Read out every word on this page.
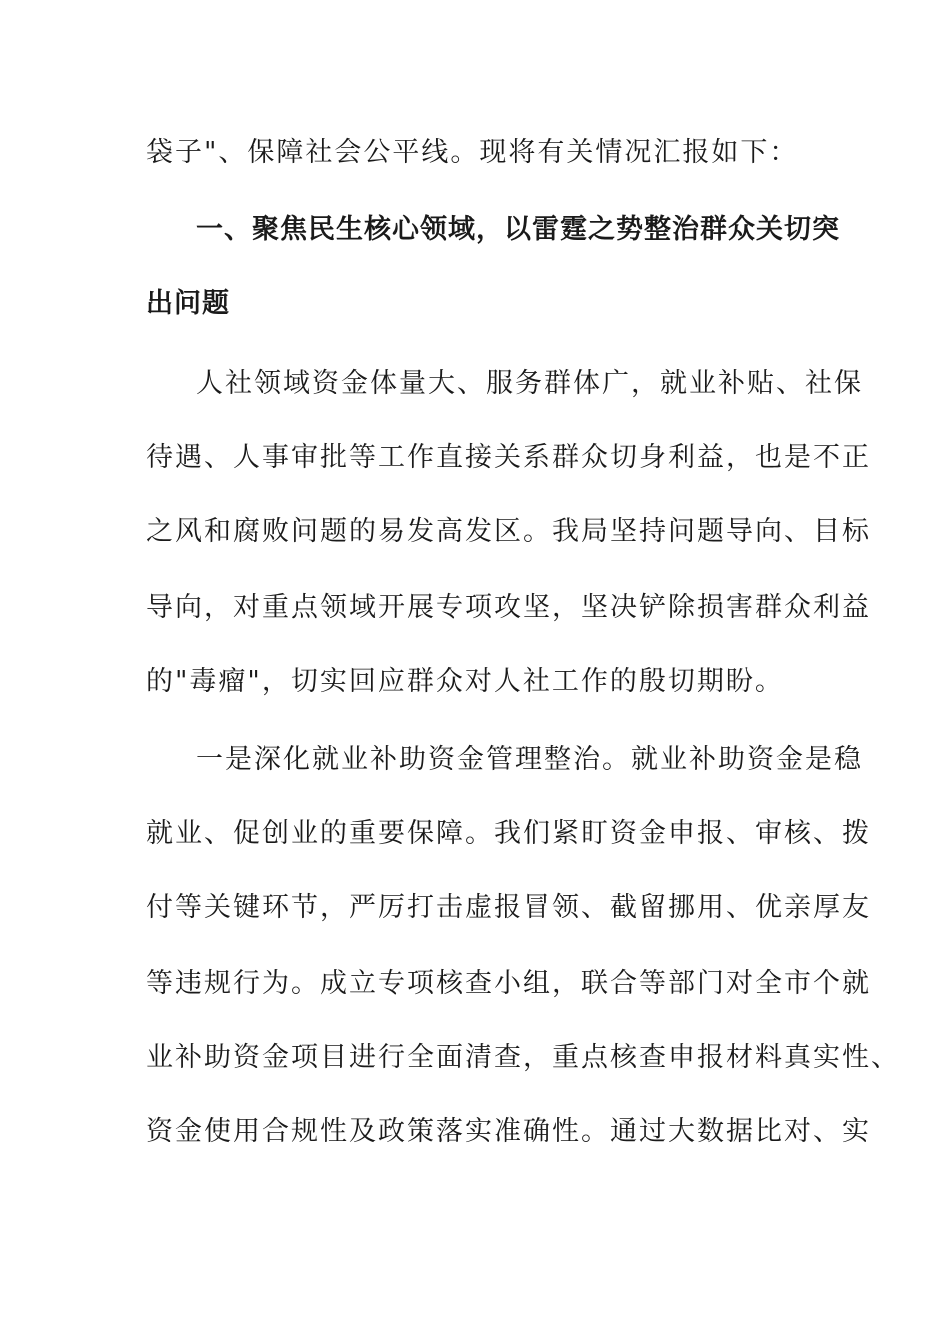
袋子"、保障社会公平线。现将有关情况汇报如下：
一、聚焦民生核心领域，以雷霆之势整治群众关切突
出问题
人社领域资金体量大、服务群体广，就业补贴、社保
待遇、人事审批等工作直接关系群众切身利益，也是不正
之风和腐败问题的易发高发区。我局坚持问题导向、目标
导向，对重点领域开展专项攻坚，坚决铲除损害群众利益
的"毒瘤"，切实回应群众对人社工作的殷切期盼。
一是深化就业补助资金管理整治。就业补助资金是稳
就业、促创业的重要保障。我们紧盯资金申报、审核、拨
付等关键环节，严厉打击虚报冒领、截留挪用、优亲厚友
等违规行为。成立专项核查小组，联合等部门对全市个就
业补助资金项目进行全面清查，重点核查申报材料真实性、
资金使用合规性及政策落实准确性。通过大数据比对、实
